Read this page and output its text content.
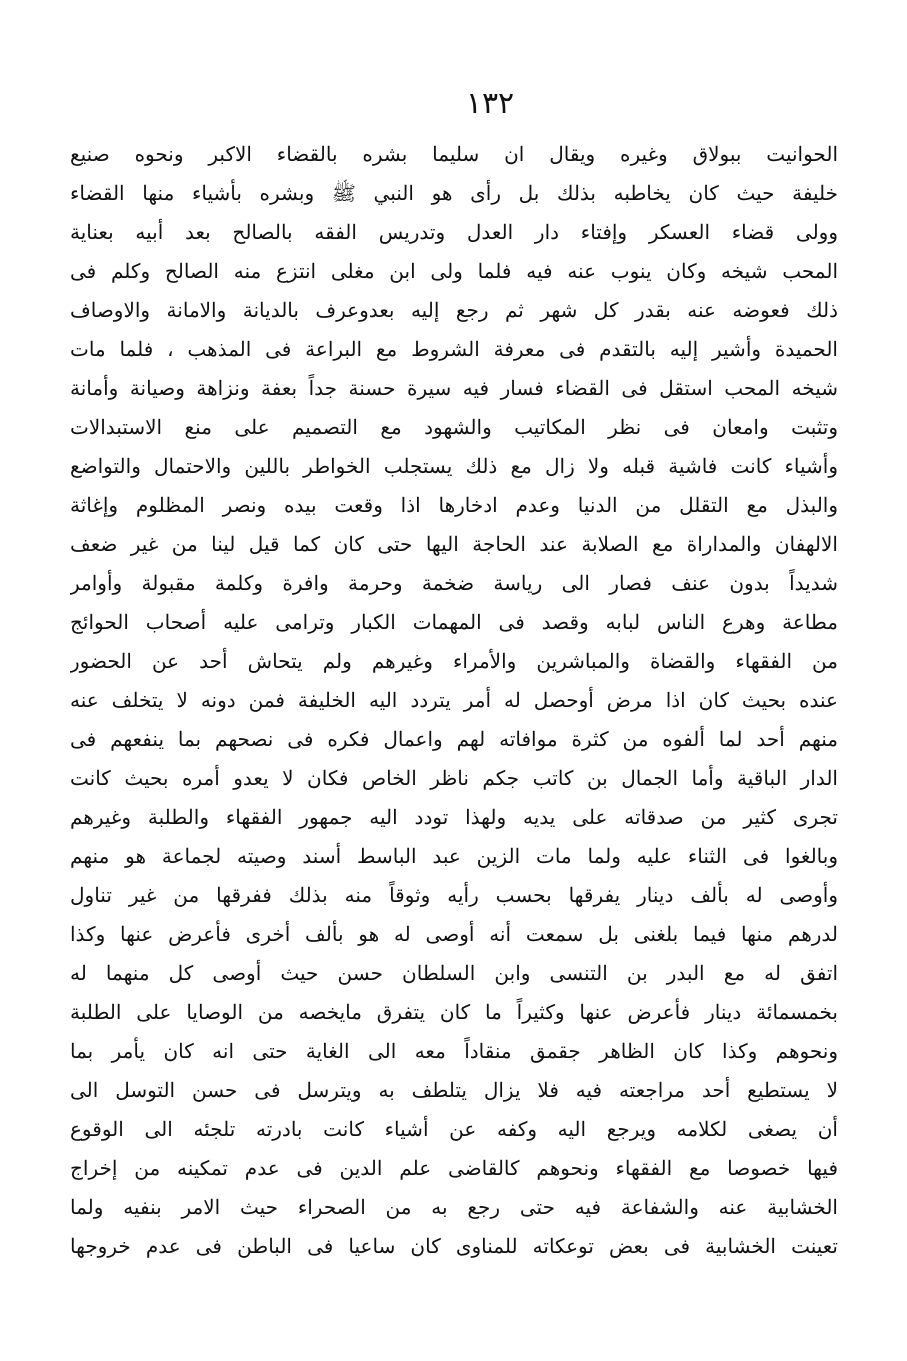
١٣٢
الحوانيت ببولاق وغيره ويقال ان سليما بشره بالقضاء الاكبر ونحوه صنيع
خليفة حيث كان يخاطبه بذلك بل رأى هو النبي ﷺ وبشره بأشياء منها القضاء
وولى قضاء العسكر وإفتاء دار العدل وتدريس الفقه بالصالح بعد أبيه بعناية
المحب شيخه وكان ينوب عنه فيه فلما ولى ابن مغلى انتزع منه الصالح وكلم فى
ذلك فعوضه عنه بقدر كل شهر ثم رجع إليه بعدوعرف بالديانة والامانة والاوصاف
الحميدة وأشير إليه بالتقدم فى معرفة الشروط مع البراعة فى المذهب ، فلما مات
شيخه المحب استقل فى القضاء فسار فيه سيرة حسنة جداً بعفة ونزاهة وصيانة وأمانة
وتثبت وامعان فى نظر المكاتيب والشهود مع التصميم على منع الاستبدالات
وأشياء كانت فاشية قبله ولا زال مع ذلك يستجلب الخواطر باللين والاحتمال والتواضع
والبذل مع التقلل من الدنيا وعدم ادخارها اذا وقعت بيده ونصر المظلوم وإغاثة
الالهفان والمداراة مع الصلابة عند الحاجة اليها حتى كان كما قيل لينا من غير ضعف
شديداً بدون عنف فصار الى رياسة ضخمة وحرمة وافرة وكلمة مقبولة وأوامر
مطاعة وهرع الناس لبابه وقصد فى المهمات الكبار وترامى عليه أصحاب الحوائج
من الفقهاء والقضاة والمباشرين والأمراء وغيرهم ولم يتحاش أحد عن الحضور
عنده بحيث كان اذا مرض أوحصل له أمر يتردد اليه الخليفة فمن دونه لا يتخلف عنه
منهم أحد لما ألفوه من كثرة موافاته لهم واعمال فكره فى نصحهم بما ينفعهم فى
الدار الباقية وأما الجمال بن كاتب جكم ناظر الخاص فكان لا يعدو أمره بحيث كانت
تجرى كثير من صدقاته على يديه ولهذا تودد اليه جمهور الفقهاء والطلبة وغيرهم
وبالغوا فى الثناء عليه ولما مات الزين عبد الباسط أسند وصيته لجماعة هو منهم
وأوصى له بألف دينار يفرقها بحسب رأيه وثوقاً منه بذلك ففرقها من غير تناول
لدرهم منها فيما بلغنى بل سمعت أنه أوصى له هو بألف أخرى فأعرض عنها وكذا
اتفق له مع البدر بن التنسى وابن السلطان حسن حيث أوصى كل منهما له
بخمسمائة دينار فأعرض عنها وكثيراً ما كان يتفرق مايخصه من الوصايا على الطلبة
ونحوهم وكذا كان الظاهر جقمق منقاداً معه الى الغاية حتى انه كان يأمر بما
لا يستطيع أحد مراجعته فيه فلا يزال يتلطف به ويترسل فى حسن التوسل الى
أن يصغى لكلامه ويرجع اليه وكفه عن أشياء كانت بادرته تلجئه الى الوقوع
فيها خصوصا مع الفقهاء ونحوهم كالقاضى علم الدين فى عدم تمكينه من إخراج
الخشابية عنه والشفاعة فيه حتى رجع به من الصحراء حيث الامر بنفيه ولما
تعينت الخشابية فى بعض توعكاته للمناوى كان ساعيا فى الباطن فى عدم خروجها
